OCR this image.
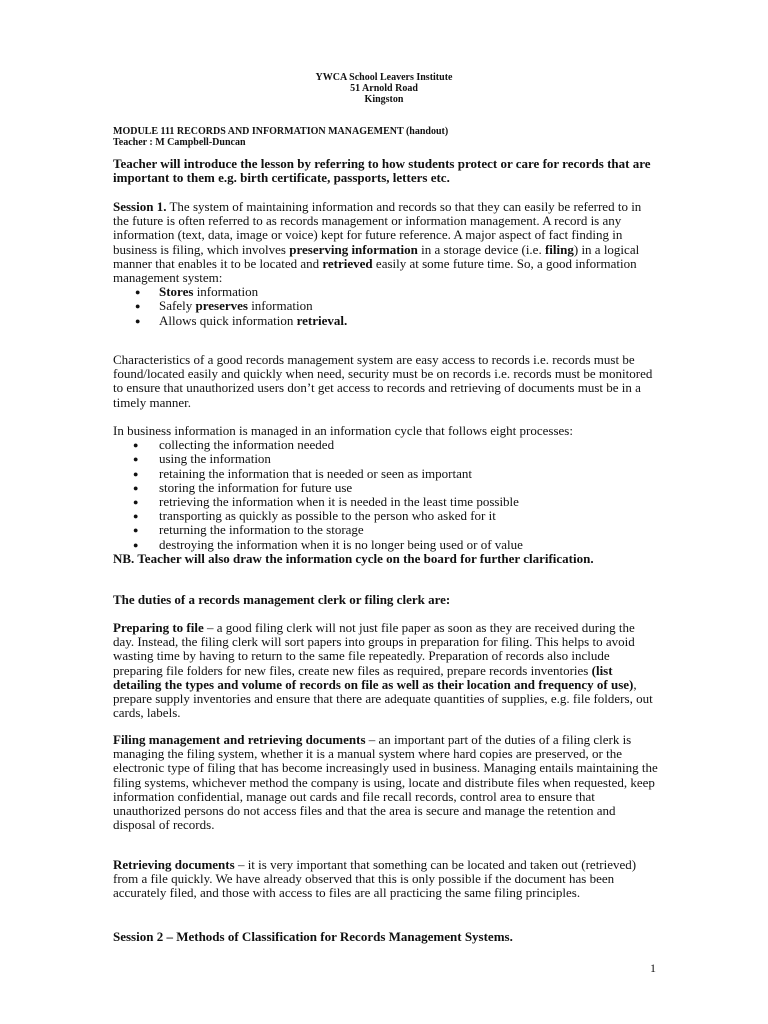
YWCA School Leavers Institute
51 Arnold Road
Kingston
MODULE 111 RECORDS AND INFORMATION MANAGEMENT (handout)
Teacher : M Campbell-Duncan

Teacher will introduce the lesson by referring to how students protect or care for records that are important to them e.g. birth certificate, passports, letters etc.

Session 1. The system of maintaining information and records so that they can easily be referred to in the future is often referred to as records management or information management. A record is any information (text, data, image or voice) kept for future reference. A major aspect of fact finding in business is filing, which involves preserving information in a storage device (i.e. filing) in a logical manner that enables it to be located and retrieved easily at some future time. So, a good information management system:

● Stores information
● Safely preserves information
● Allows quick information retrieval.

Characteristics of a good records management system are easy access to records i.e. records must be found/located easily and quickly when need, security must be on records i.e. records must be monitored to ensure that unauthorized users don’t get access to records and retrieving of documents must be in a timely manner.

In business information is managed in an information cycle that follows eight processes:

● collecting the information needed
● using the information
● retaining the information that is needed or seen as important
● storing the information for future use
● retrieving the information when it is needed in the least time possible
● transporting as quickly as possible to the person who asked for it
● returning the information to the storage
● destroying the information when it is no longer being used or of value

NB. Teacher will also draw the information cycle on the board for further clarification.

The duties of a records management clerk or filing clerk are:

Preparing to file – a good filing clerk will not just file paper as soon as they are received during the day. Instead, the filing clerk will sort papers into groups in preparation for filing. This helps to avoid wasting time by having to return to the same file repeatedly. Preparation of records also include preparing file folders for new files, create new files as required, prepare records inventories (list detailing the types and volume of records on file as well as their location and frequency of use), prepare supply inventories and ensure that there are adequate quantities of supplies, e.g. file folders, out cards, labels.

Filing management and retrieving documents – an important part of the duties of a filing clerk is managing the filing system, whether it is a manual system where hard copies are preserved, or the electronic type of filing that has become increasingly used in business. Managing entails maintaining the filing systems, whichever method the company is using, locate and distribute files when requested, keep information confidential, manage out cards and file recall records, control area to ensure that unauthorized persons do not access files and that the area is secure and manage the retention and disposal of records.

Retrieving documents – it is very important that something can be located and taken out (retrieved) from a file quickly. We have already observed that this is only possible if the document has been accurately filed, and those with access to files are all practicing the same filing principles.

Session 2 – Methods of Classification for Records Management Systems.

1
